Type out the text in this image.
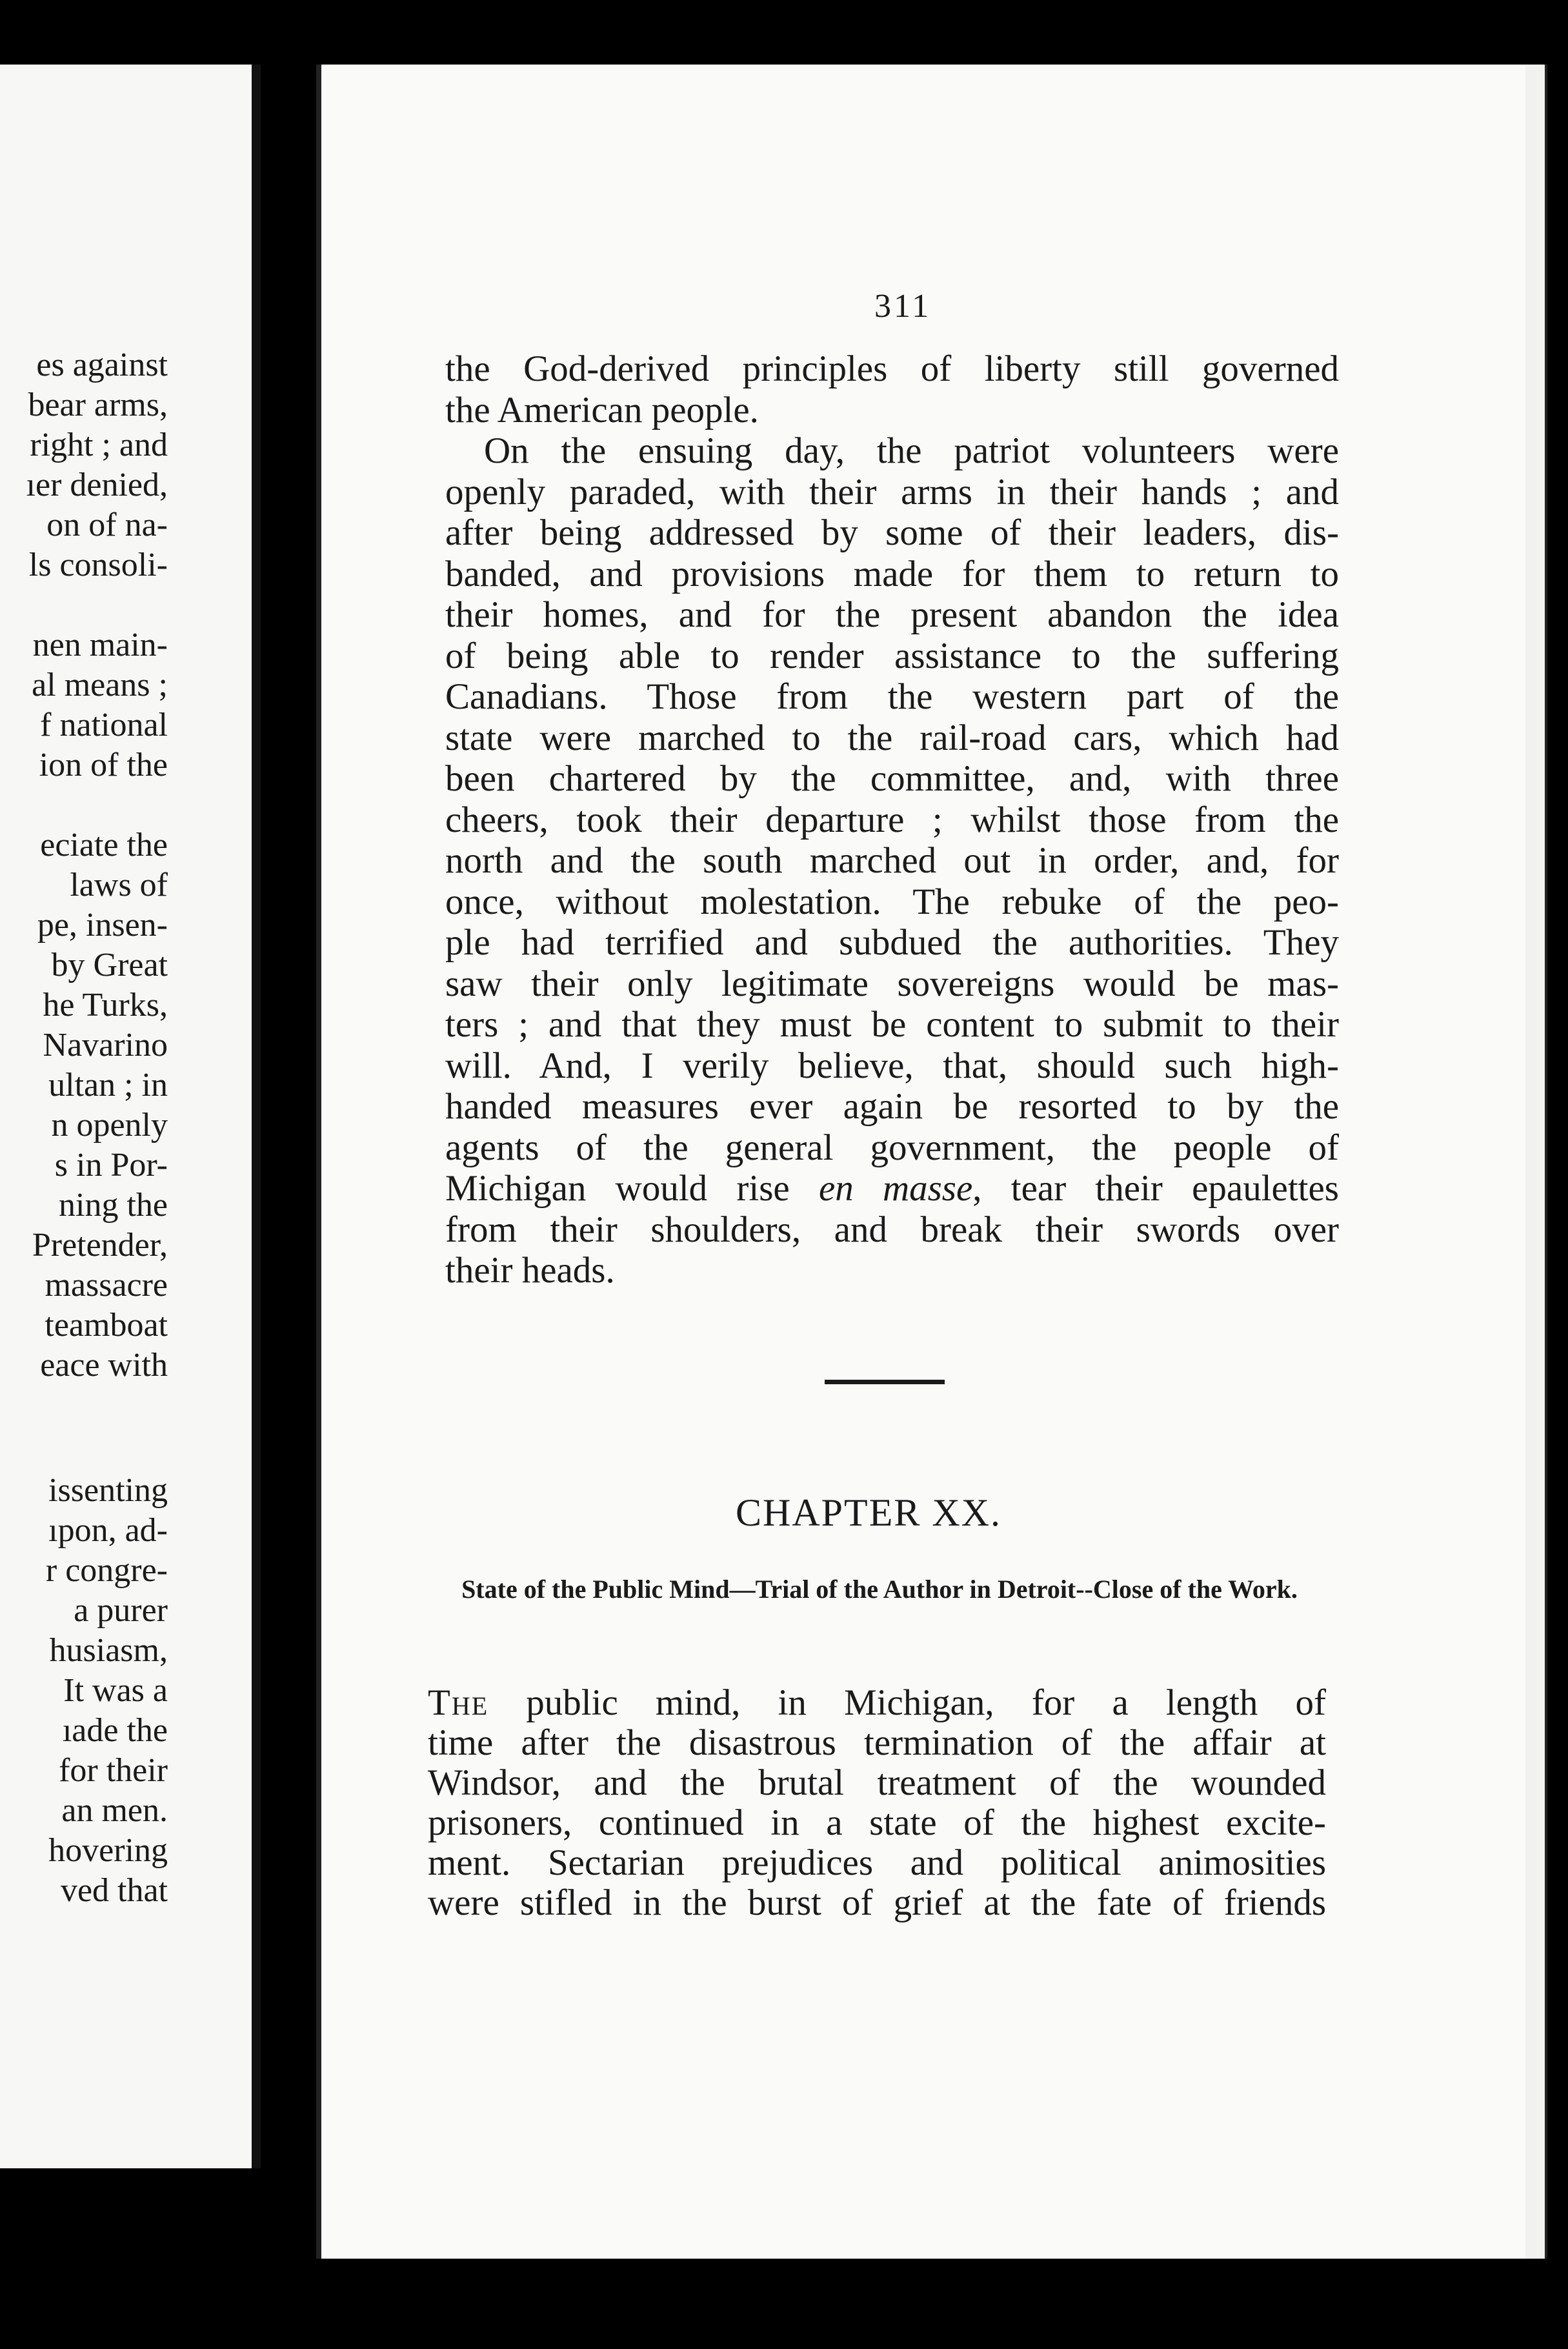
es against
bear arms,
right ; and
ıer denied,
on of na-
ls consoli-
nen main-
al means ;
f national
ion of the
eciate the
laws of
pe, insen-
by Great
he Turks,
Navarino
ultan ; in
n openly
s in Por-
ning the
Pretender,
massacre
teamboat
eace with
issenting
ıpon, ad-
r congre-
a purer
husiasm,
It was a
ıade the
for their
an men.
hovering
ved that
311
the God-derived principles of liberty still governed
the American people.
On the ensuing day, the patriot volunteers were
openly paraded, with their arms in their hands ; and
after being addressed by some of their leaders, dis-
banded, and provisions made for them to return to
their homes, and for the present abandon the idea
of being able to render assistance to the suffering
Canadians. Those from the western part of the
state were marched to the rail-road cars, which had
been chartered by the committee, and, with three
cheers, took their departure ; whilst those from the
north and the south marched out in order, and, for
once, without molestation. The rebuke of the peo-
ple had terrified and subdued the authorities. They
saw their only legitimate sovereigns would be mas-
ters ; and that they must be content to submit to their
will. And, I verily believe, that, should such high-
handed measures ever again be resorted to by the
agents of the general government, the people of
Michigan would rise en masse, tear their epaulettes
from their shoulders, and break their swords over
their heads.
CHAPTER XX.
State of the Public Mind—Trial of the Author in Detroit--Close of the Work.
The public mind, in Michigan, for a length of
time after the disastrous termination of the affair at
Windsor, and the brutal treatment of the wounded
prisoners, continued in a state of the highest excite-
ment. Sectarian prejudices and political animosities
were stifled in the burst of grief at the fate of friends
